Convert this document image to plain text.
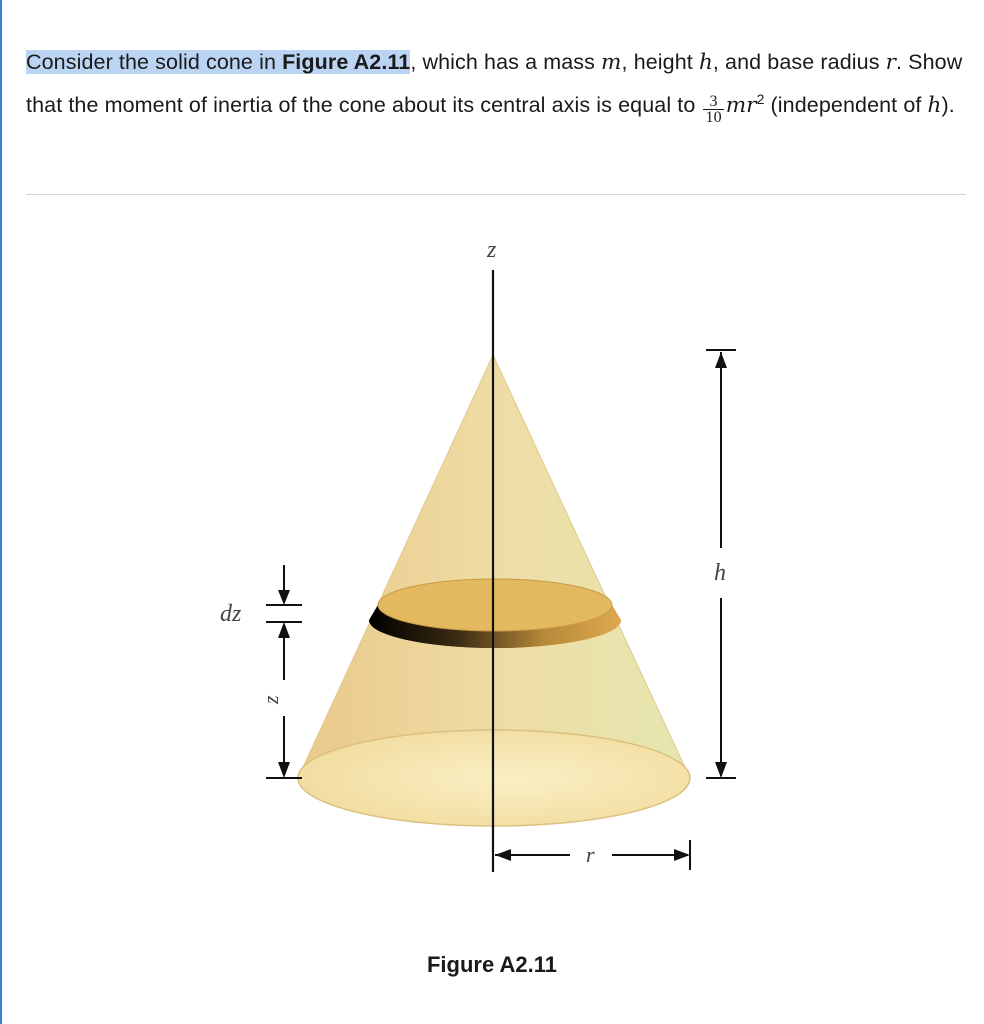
Consider the solid cone in Figure A2.11, which has a mass m, height h, and base radius r. Show that the moment of inertia of the cone about its central axis is equal to $\frac{3}{10} mr^2$ (independent of h).
z
h
dz
z
r
Figure A2.11
